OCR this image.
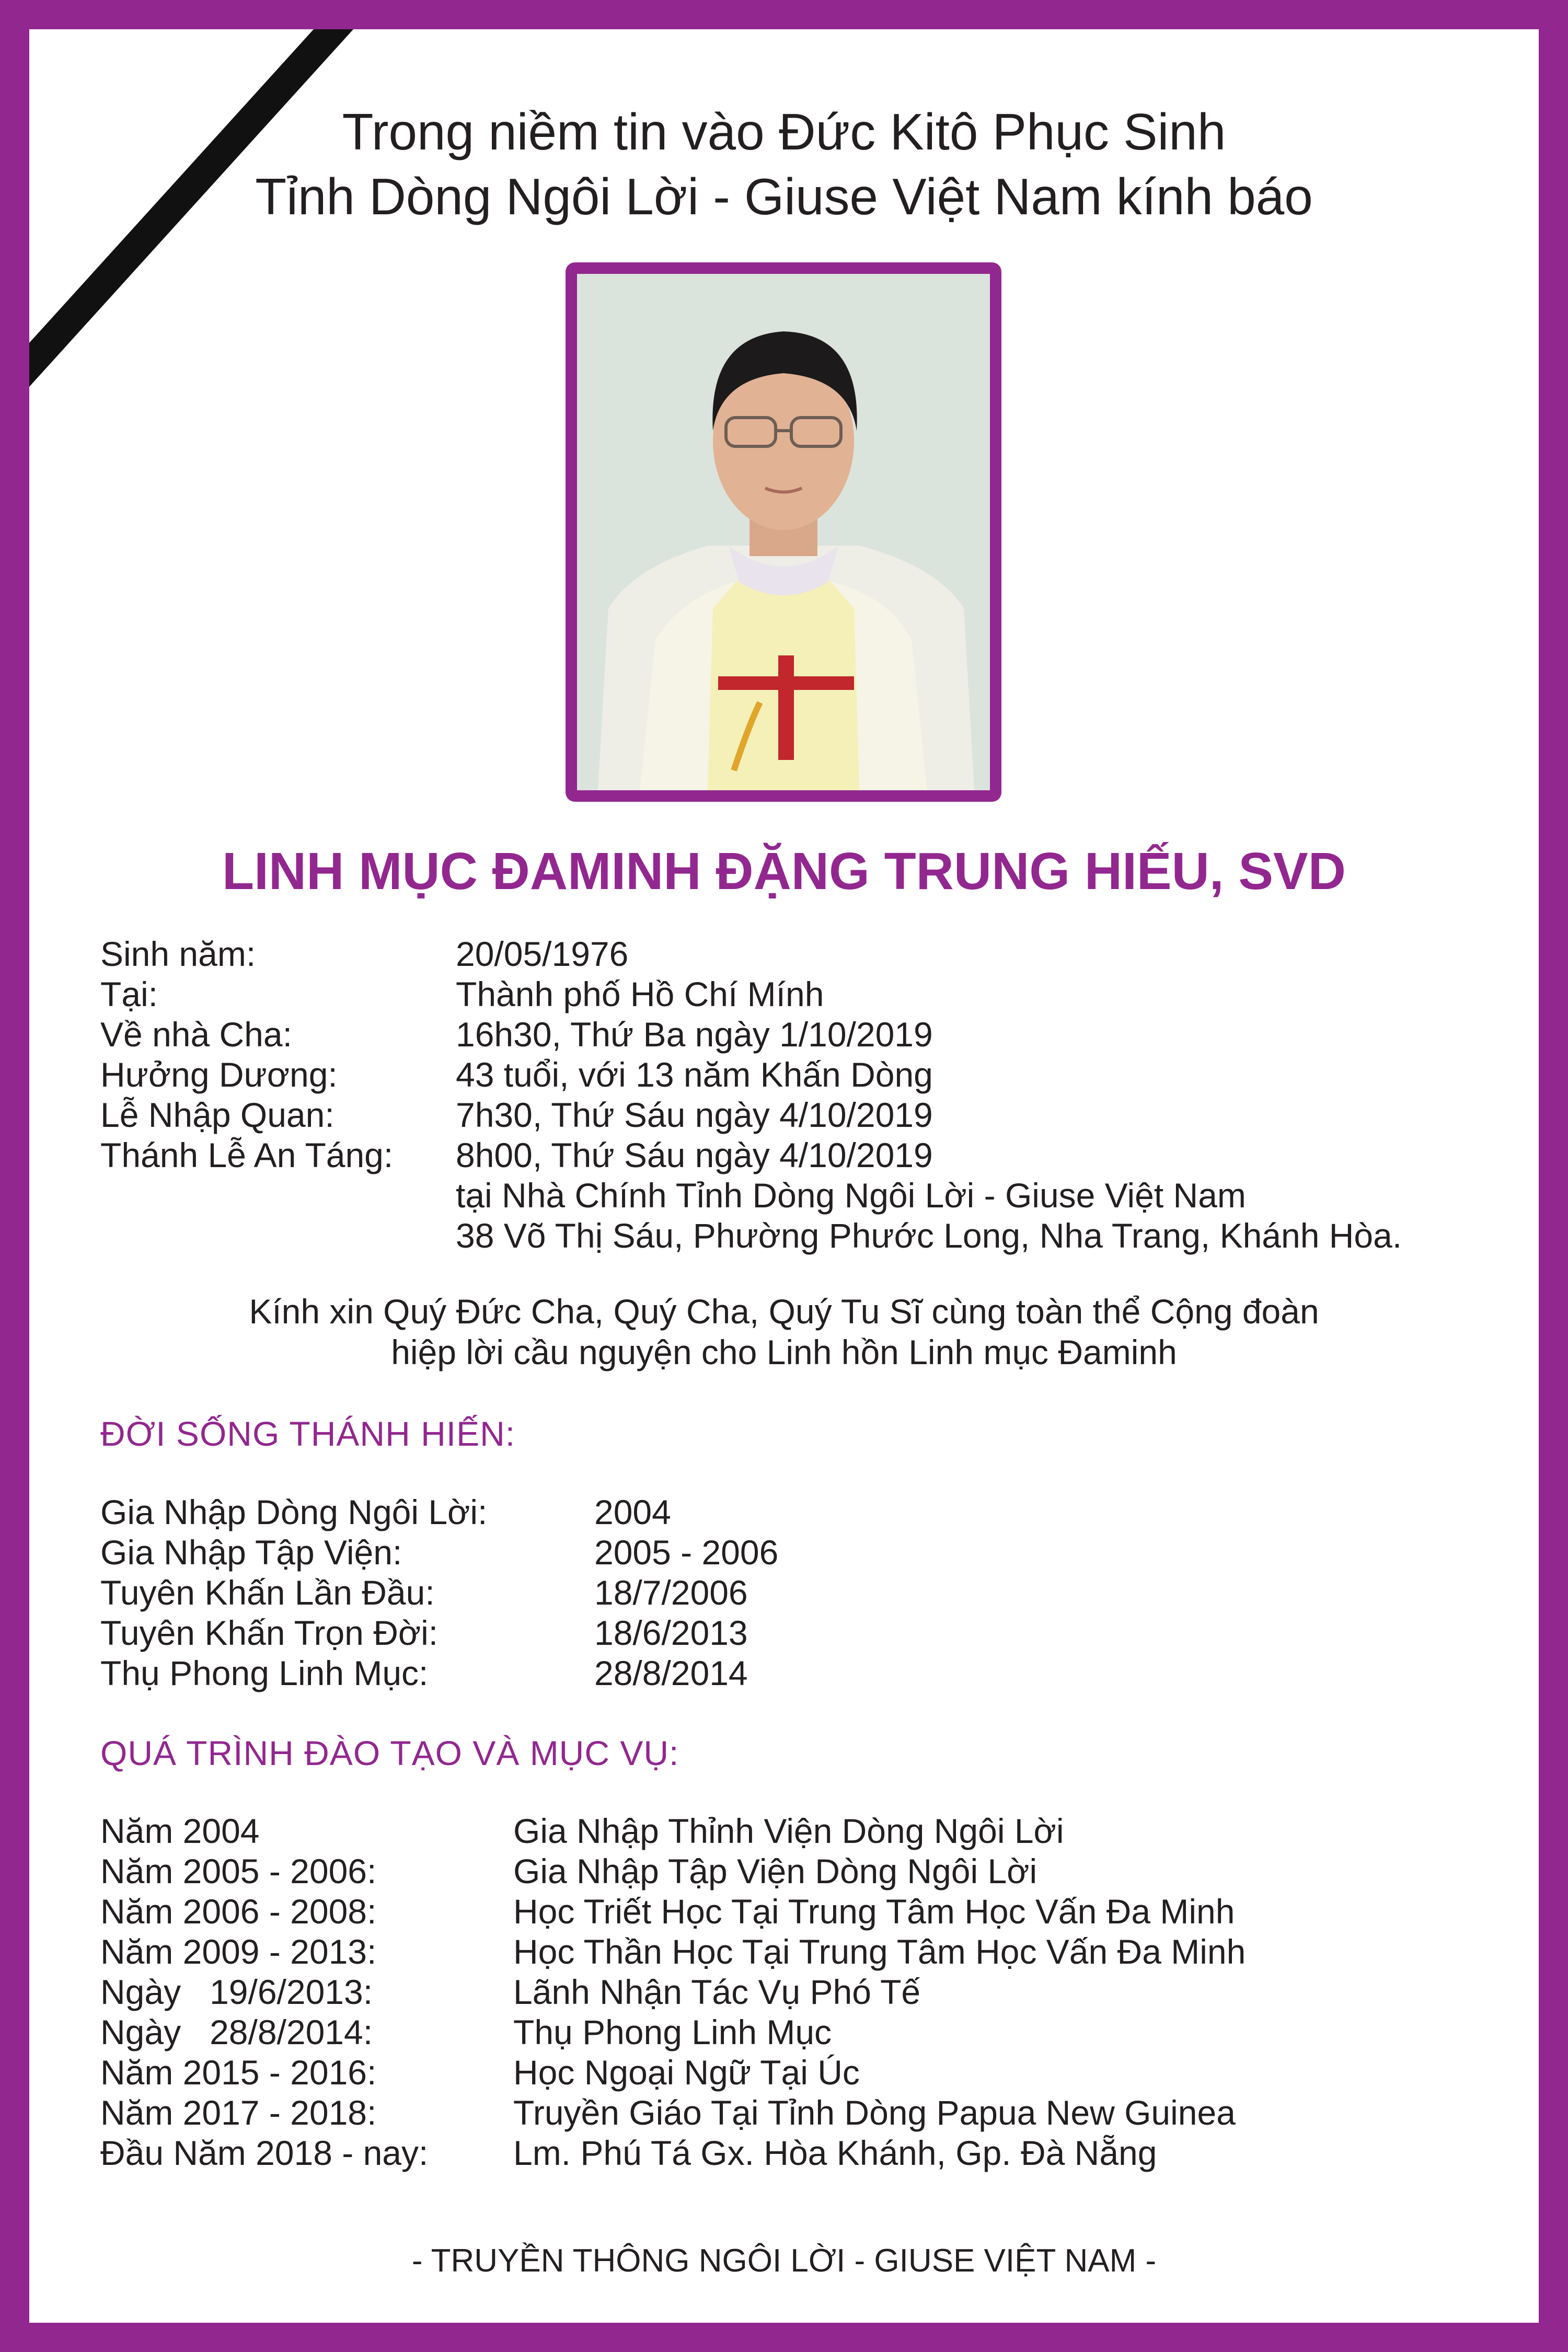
Trong niềm tin vào Đức Kitô Phục Sinh
Tỉnh Dòng Ngôi Lời - Giuse Việt Nam kính báo
LINH MỤC ĐAMINH ĐẶNG TRUNG HIẾU, SVD
Sinh năm:	20/05/1976
Tại:	Thành phố Hồ Chí Mính
Về nhà Cha:	16h30, Thứ Ba ngày 1/10/2019
Hưởng Dương:	43 tuổi, với 13 năm Khấn Dòng
Lễ Nhập Quan:	7h30, Thứ Sáu ngày 4/10/2019
Thánh Lễ An Táng: 8h00, Thứ Sáu ngày 4/10/2019
tại Nhà Chính Tỉnh Dòng Ngôi Lời - Giuse Việt Nam
38 Võ Thị Sáu, Phường Phước Long, Nha Trang, Khánh Hòa.
Kính xin Quý Đức Cha, Quý Cha, Quý Tu Sĩ cùng toàn thể Cộng đoàn
hiệp lời cầu nguyện cho Linh hồn Linh mục Đaminh
ĐỜI SỐNG THÁNH HIẾN:
Gia Nhập Dòng Ngôi Lời:	2004
Gia Nhập Tập Viện:	2005 - 2006
Tuyên Khấn Lần Đầu:	18/7/2006
Tuyên Khấn Trọn Đời:	18/6/2013
Thụ Phong Linh Mục:	28/8/2014
QUÁ TRÌNH ĐÀO TẠO VÀ MỤC VỤ:
Năm 2004	Gia Nhập Thỉnh Viện Dòng Ngôi Lời
Năm 2005 - 2006:	Gia Nhập Tập Viện Dòng Ngôi Lời
Năm 2006 - 2008:	Học Triết Học Tại Trung Tâm Học Vấn Đa Minh
Năm 2009 - 2013:	Học Thần Học Tại Trung Tâm Học Vấn Đa Minh
Ngày   19/6/2013:	Lãnh Nhận Tác Vụ Phó Tế
Ngày   28/8/2014:	Thụ Phong Linh Mục
Năm 2015 - 2016:	Học Ngoại Ngữ Tại Úc
Năm 2017 - 2018:	Truyền Giáo Tại Tỉnh Dòng Papua New Guinea
Đầu Năm 2018 - nay: Lm. Phú Tá Gx. Hòa Khánh, Gp. Đà Nẵng
- TRUYỀN THÔNG NGÔI LỜI - GIUSE VIỆT NAM -
